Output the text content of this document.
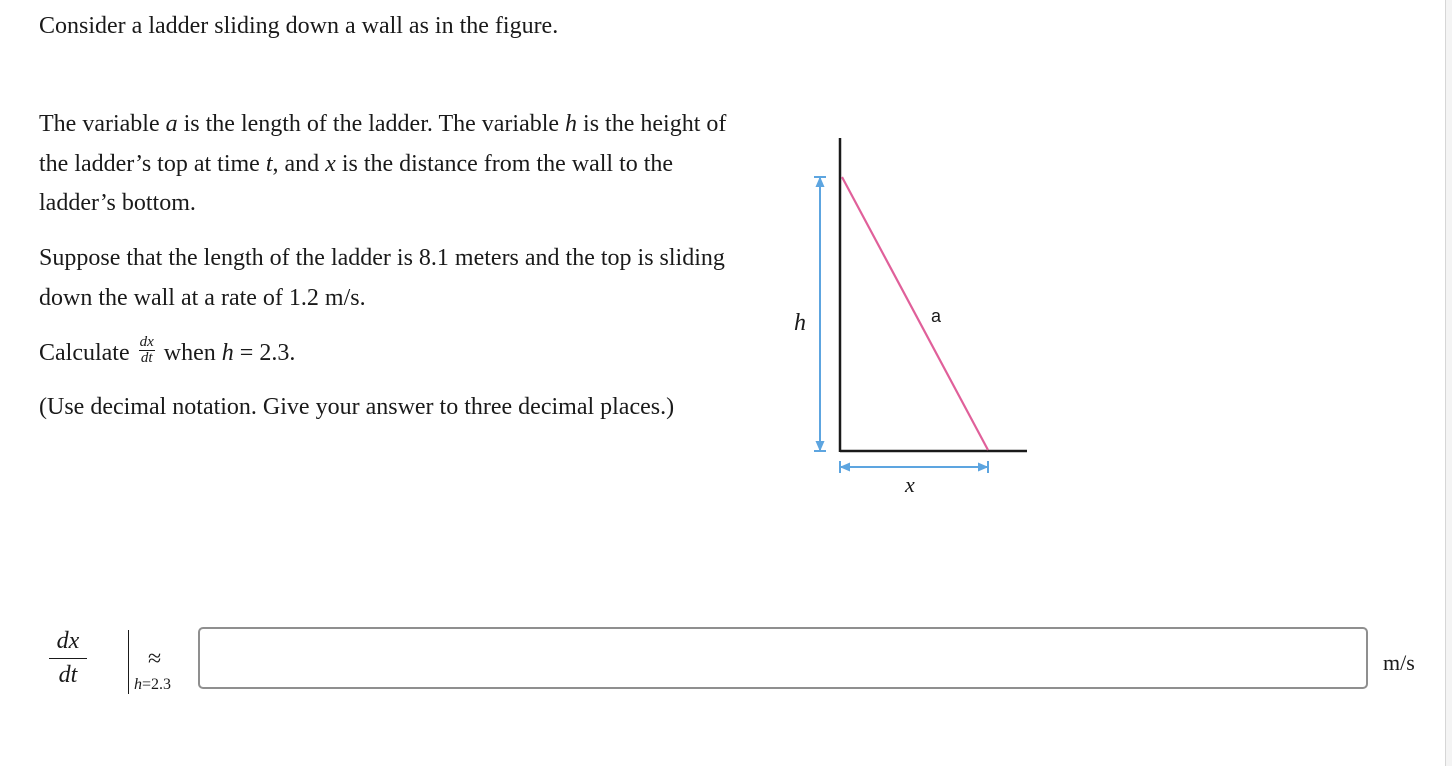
Consider a ladder sliding down a wall as in the figure.

The variable a is the length of the ladder. The variable h is the height of the ladder’s top at time t, and x is the distance from the wall to the ladder’s bottom.

Suppose that the length of the ladder is 8.1 meters and the top is sliding down the wall at a rate of 1.2 m/s.

Calculate $\frac{dx}{dt}$ when h = 2.3.

(Use decimal notation. Give your answer to three decimal places.)

h	a
x
$\frac{dx}{dt}$	h=2.3
≈	m/s
